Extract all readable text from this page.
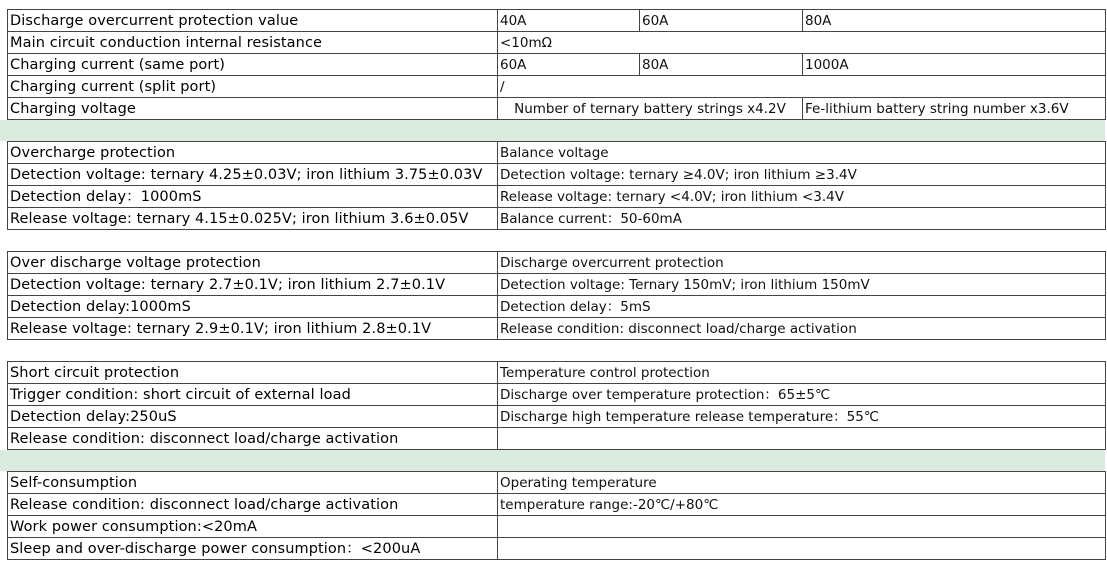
Discharge overcurrent protection value	40A	60A	80A
Main circuit conduction internal resistance	<10mΩ		
Charging current (same port)	60A	80A	1000A
Charging current (split port)	/		
Charging voltage	Number of ternary battery strings x4.2V		Fe-lithium battery string number x3.6V
Overcharge protection	Balance voltage
Detection voltage: ternary 4.25±0.03V; iron lithium 3.75±0.03V	Detection voltage: ternary ≥4.0V; iron lithium ≥3.4V
Detection delay：1000mS	Release voltage: ternary <4.0V; iron lithium <3.4V
Release voltage: ternary 4.15±0.025V; iron lithium 3.6±0.05V	Balance current：50-60mA
Over discharge voltage protection	Discharge overcurrent protection
Detection voltage: ternary 2.7±0.1V; iron lithium 2.7±0.1V	Detection voltage: Ternary 150mV; iron lithium 150mV
Detection delay:1000mS	Detection delay：5mS
Release voltage: ternary 2.9±0.1V; iron lithium 2.8±0.1V	Release condition: disconnect load/charge activation
Short circuit protection	Temperature control protection
Trigger condition: short circuit of external load	Discharge over temperature protection：65±5℃
Detection delay:250uS	Discharge high temperature release temperature：55℃
Release condition: disconnect load/charge activation	
Self-consumption	Operating temperature
Release condition: disconnect load/charge activation	temperature range:-20℃/+80℃
Work power consumption:<20mA	
Sleep and over-discharge power consumption：<200uA	
